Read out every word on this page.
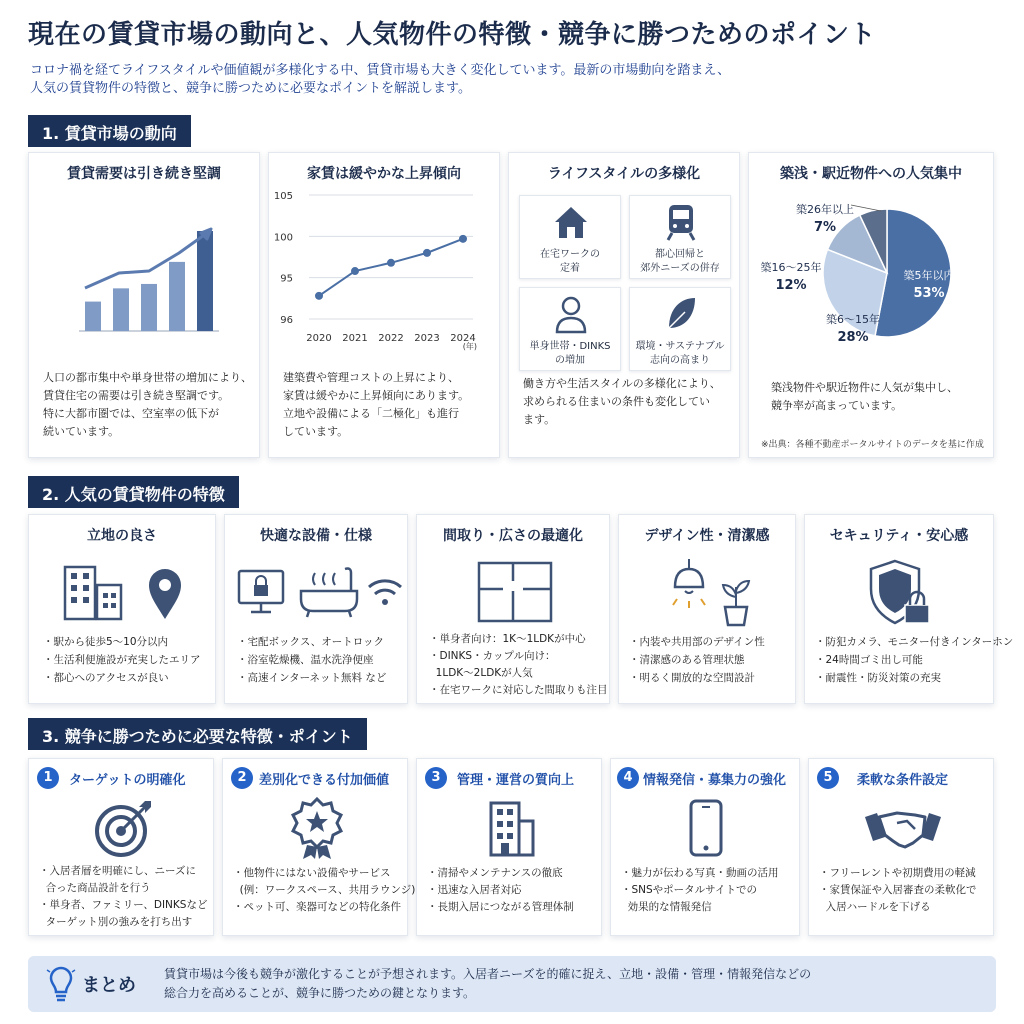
現在の賃貸市場の動向と、人気物件の特徴・競争に勝つためのポイント
コロナ禍を経てライフスタイルや価値観が多様化する中、賃貸市場も大きく変化しています。最新の市場動向を踏まえ、
人気の賃貸物件の特徴と、競争に勝つために必要なポイントを解説します。
1. 賃貸市場の動向
賃貸需要は引き続き堅調
人口の都市集中や単身世帯の増加により、
賃貸住宅の需要は引き続き堅調です。
特に大都市圏では、空室率の低下が
続いています。
家賃は緩やかな上昇傾向
105
100
95
96
2020 2021 2022 2023 2024
(年)
建築費や管理コストの上昇により、
家賃は緩やかに上昇傾向にあります。
立地や設備による「二極化」も進行
しています。
ライフスタイルの多様化
在宅ワークの
定着
都心回帰と
郊外ニーズの併存
単身世帯・DINKS
の増加
環境・サステナブル
志向の高まり
働き方や生活スタイルの多様化により、
求められる住まいの条件も変化してい
ます。
築浅・駅近物件への人気集中
築5年以内
53%
築6～15年
28%
築16～25年
12%
築26年以上
7%
築浅物件や駅近物件に人気が集中し、
競争率が高まっています。
※出典：各種不動産ポータルサイトのデータを基に作成
2. 人気の賃貸物件の特徴
立地の良さ
・駅から徒歩5～10分以内
・生活利便施設が充実したエリア
・都心へのアクセスが良い
快適な設備・仕様
・宅配ボックス、オートロック
・浴室乾燥機、温水洗浄便座
・高速インターネット無料 など
間取り・広さの最適化
・単身者向け：1K～1LDKが中心
・DINKS・カップル向け：
1LDK～2LDKが人気
・在宅ワークに対応した間取りも注目
デザイン性・清潔感
・内装や共用部のデザイン性
・清潔感のある管理状態
・明るく開放的な空間設計
セキュリティ・安心感
・防犯カメラ、モニター付きインターホン
・24時間ゴミ出し可能
・耐震性・防災対策の充実
3. 競争に勝つために必要な特徴・ポイント
1	ターゲットの明確化
・入居者層を明確にし、ニーズに
合った商品設計を行う
・単身者、ファミリー、DINKSなど
ターゲット別の強みを打ち出す
2 差別化できる付加価値
・他物件にはない設備やサービス
(例：ワークスペース、共用ラウンジ)
・ペット可、楽器可などの特化条件
3	管理・運営の質向上
・清掃やメンテナンスの徹底
・迅速な入居者対応
・長期入居につながる管理体制
4 情報発信・募集力の強化
・魅力が伝わる写真・動画の活用
・SNSやポータルサイトでの
効果的な情報発信
5	柔軟な条件設定
・フリーレントや初期費用の軽減
・家賃保証や入居審査の柔軟化で
入居ハードルを下げる
まとめ
賃貸市場は今後も競争が激化することが予想されます。入居者ニーズを的確に捉え、立地・設備・管理・情報発信などの
総合力を高めることが、競争に勝つための鍵となります。
